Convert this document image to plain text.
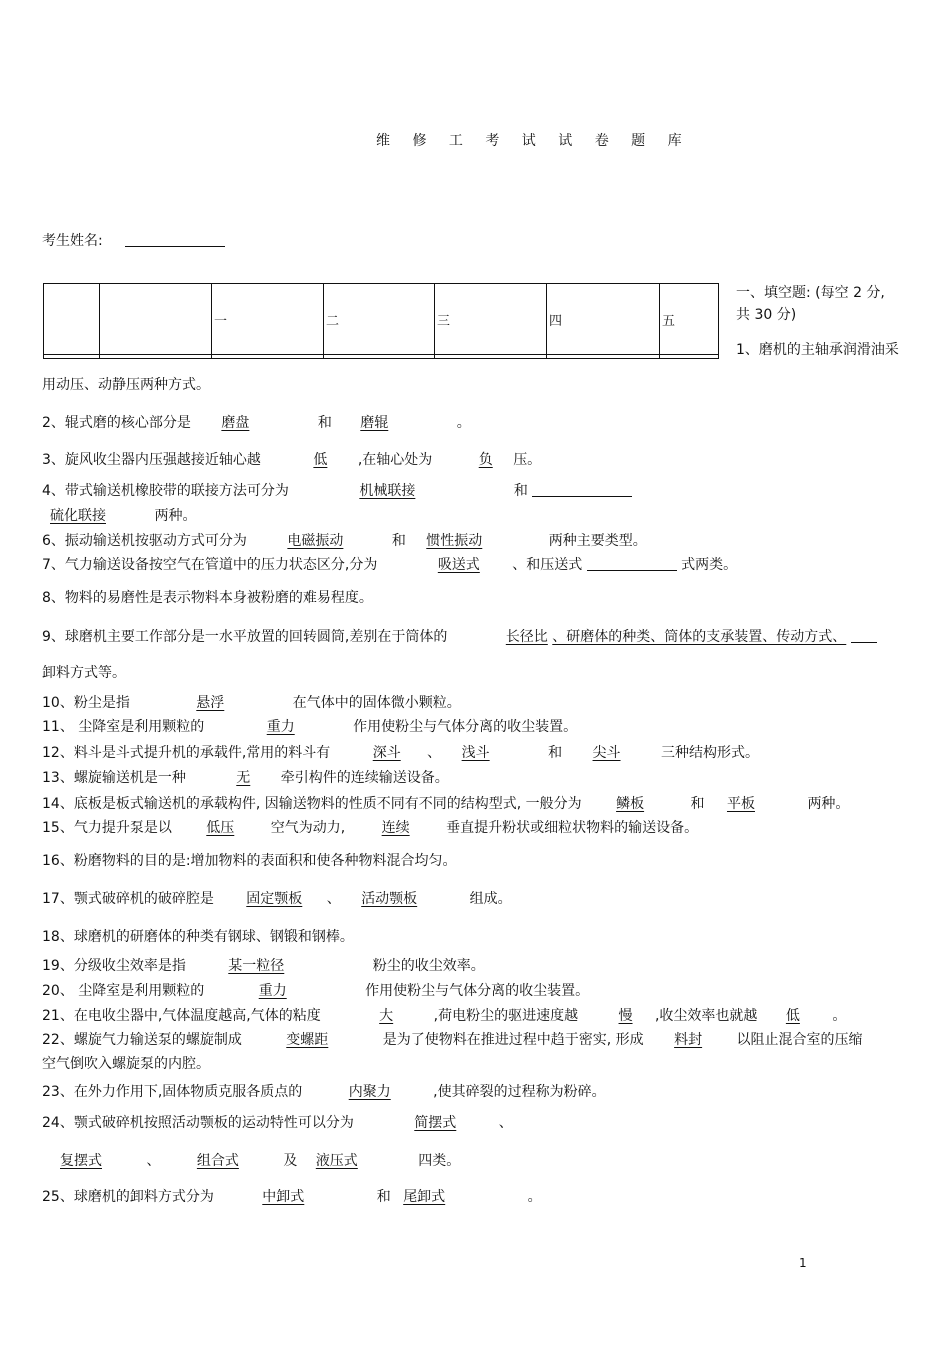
维 修 工 考 试 试 卷 题 库
考生姓名:
		一	二	三	四	五

一、填空题: (每空 2 分,
共 30 分)
1、磨机的主轴承润滑油采
用动压、动静压两种方式。
2、辊式磨的核心部分是 磨盘	和 磨辊	。
3、旋风收尘器内压强越接近轴心越	低 ,在轴心处为	负 压。
4、带式输送机橡胶带的联接方法可分为	机械联接	和
硫化联接	两种。
6、振动输送机按驱动方式可分为	电磁振动	和 惯性振动	两种主要类型。
7、气力输送设备按空气在管道中的压力状态区分,分为	吸送式 、和压送式	式两类。
8、物料的易磨性是表示物料本身被粉磨的难易程度。
9、球磨机主要工作部分是一水平放置的回转圆筒,差别在于筒体的	长径比 、研磨体的种类、筒体的支承装置、传动方式、
卸料方式等。
10、粉尘是指	悬浮	在气体中的固体微小颗粒。
11、 尘降室是利用颗粒的	重力	作用使粉尘与气体分离的收尘装置。
12、料斗是斗式提升机的承载件,常用的料斗有	深斗 、 浅斗	和 尖斗	三种结构形式。
13、螺旋输送机是一种	无 牵引构件的连续输送设备。
14、底板是板式输送机的承载构件, 因输送物料的性质不同有不同的结构型式, 一般分为 鳞板	和 平板	两种。
15、气力提升泵是以 低压	空气为动力,	连续	垂直提升粉状或细粒状物料的输送设备。
16、粉磨物料的目的是:增加物料的表面积和使各种物料混合均匀。
17、颚式破碎机的破碎腔是 固定颚板 、 活动颚板	组成。
18、球磨机的研磨体的种类有钢球、钢锻和钢棒。
19、分级收尘效率是指	某一粒径	粉尘的收尘效率。
20、 尘降室是利用颗粒的	重力	作用使粉尘与气体分离的收尘装置。
21、在电收尘器中,气体温度越高,气体的粘度	大	,荷电粉尘的驱进速度越	慢 ,收尘效率也就越 低 。
22、螺旋气力输送泵的螺旋制成	变螺距	是为了使物料在推进过程中趋于密实, 形成 料封 以阻止混合室的压缩
空气倒吹入螺旋泵的内腔。
23、在外力作用下,固体物质克服各质点的	内聚力	,使其碎裂的过程称为粉碎。
24、颚式破碎机按照活动颚板的运动特性可以分为	简摆式	、
复摆式	、	组合式	及 液压式	四类。
25、球磨机的卸料方式分为	中卸式	和 尾卸式	。
1
